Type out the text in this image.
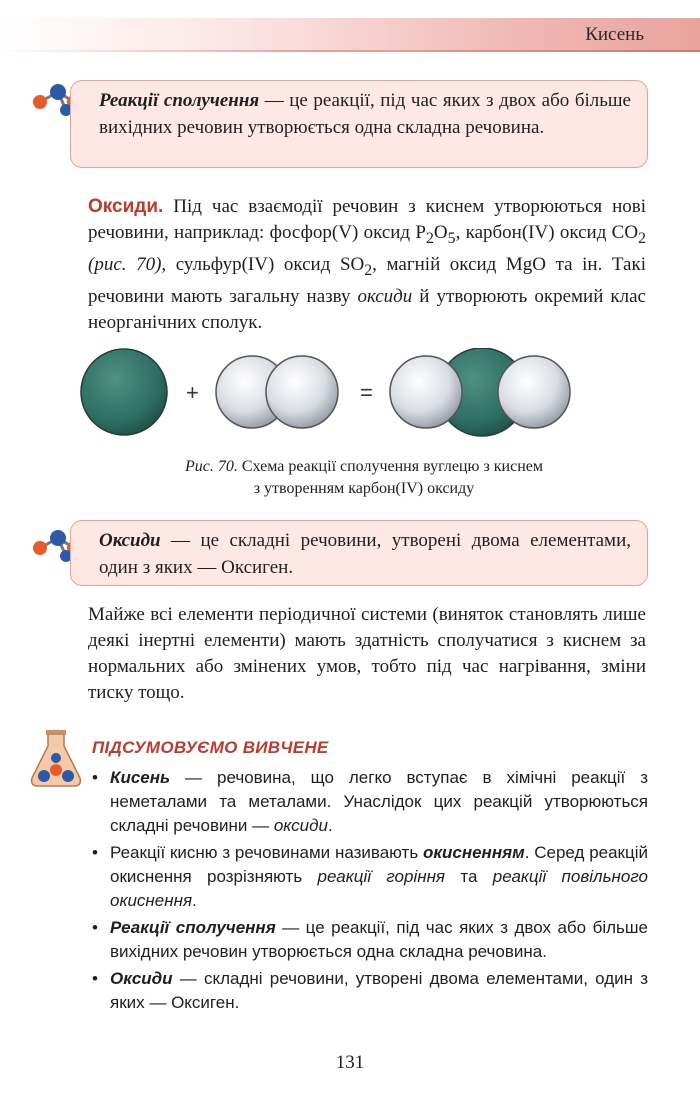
Кисень
Реакції сполучення — це реакції, під час яких з двох або більше вихідних речовин утворюється одна складна речовина.
Оксиди. Під час взаємодії речовин з киснем утворюються нові речовини, наприклад: фосфор(V) оксид $P_2O_5$, карбон(IV) оксид $CO_2$ (рис. 70), сульфур(IV) оксид $SO_2$, магній оксид MgO та ін. Такі речовини мають загальну назву оксиди й утворюють окремий клас неорганічних сполук.
+	=
Рис. 70. Схема реакції сполучення вуглецю з киснем
з утворенням карбон(IV) оксиду
Оксиди — це складні речовини, утворені двома елементами, один з яких — Оксиген.
Майже всі елементи періодичної системи (виняток становлять лише деякі інертні елементи) мають здатність сполучатися з киснем за нормальних або змінених умов, тобто під час нагрівання, зміни тиску тощо.
ПІДСУМОВУЄМО ВИВЧЕНЕ
• Кисень — речовина, що легко вступає в хімічні реакції з неметалами та металами. Унаслідок цих реакцій утворюються складні речовини — оксиди.
• Реакції кисню з речовинами називають окисненням. Серед реакцій окиснення розрізняють реакції горіння та реакції повільного окиснення.
• Реакції сполучення — це реакції, під час яких з двох або більше вихідних речовин утворюється одна складна речовина.
• Оксиди — складні речовини, утворені двома елементами, один з яких — Оксиген.
131
